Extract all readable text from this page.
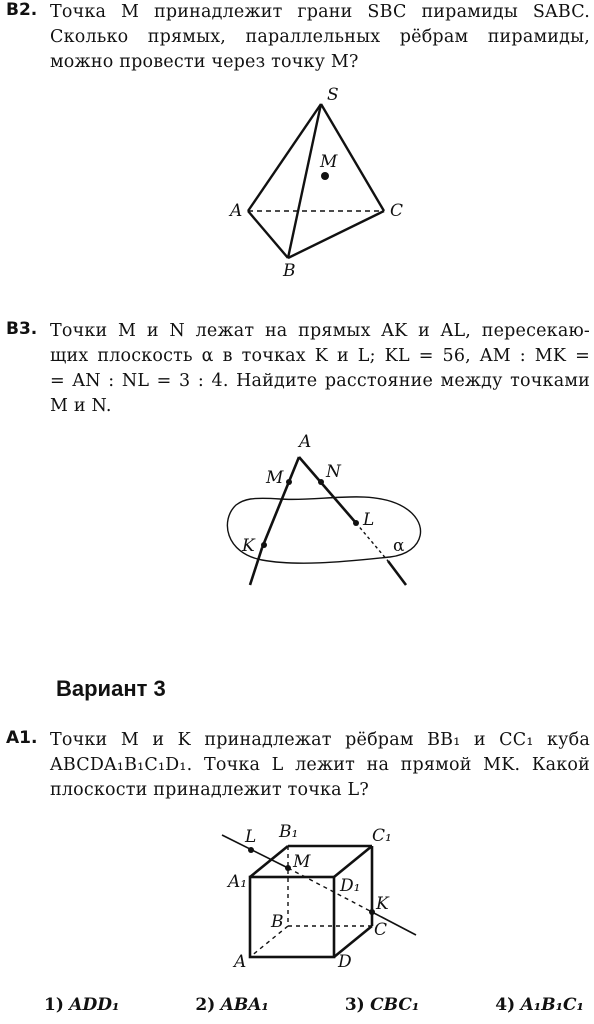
B2. Точка M принадлежит грани SBC пирамиды SABC.
Сколько прямых, параллельных рёбрам пирамиды,
можно провести через точку M?
S
M
A
B
C
B3. Точки M и N лежат на прямых AK и AL, пересекаю-
щих плоскость α в точках K и L; KL = 56, AM : MK =
= AN : NL = 3 : 4. Найдите расстояние между точками
M и N.
A
M	N
K
L
α
Вариант 3
A1. Точки M и K принадлежат рёбрам BB₁ и CC₁ куба
ABCDA₁B₁C₁D₁. Точка L лежит на прямой MK. Какой
плоскости принадлежит точка L?
L B₁	C₁
M
A₁	D₁
K
B	C
A	D
1) ADD₁	2) ABA₁	3) CBC₁	4) A₁B₁C₁
